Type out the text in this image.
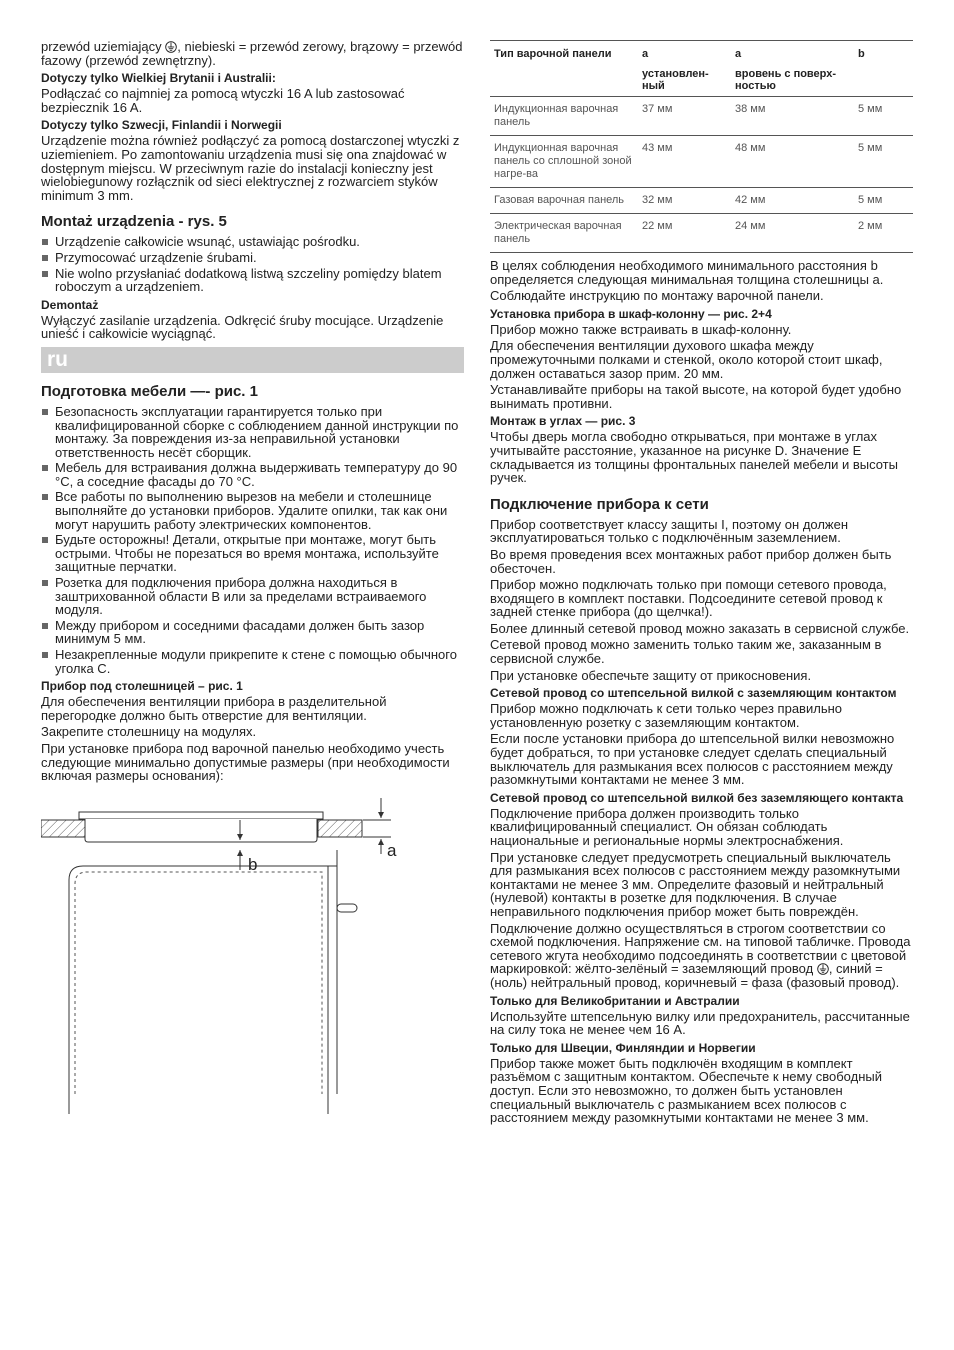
przewód uziemiający , niebieski = przewód zerowy, brązowy = przewód fazowy (przewód zewnętrzny).

Dotyczy tylko Wielkiej Brytanii i Australii:

Podłączać co najmniej za pomocą wtyczki 16 A lub zastosować bezpiecznik 16 A.

Dotyczy tylko Szwecji, Finlandii i Norwegii

Urządzenie można również podłączyć za pomocą dostarczonej wtyczki z uziemieniem. Po zamontowaniu urządzenia musi się ona znajdować w dostępnym miejscu. W przeciwnym razie do instalacji konieczny jest wielobiegunowy rozłącznik od sieci elektrycznej z rozwarciem styków minimum 3 mm.

Montaż urządzenia - rys. 5
Urządzenie całkowicie wsunąć, ustawiając pośrodku.
Przymocować urządzenie śrubami.
Nie wolno przysłaniać dodatkową listwą szczeliny pomiędzy blatem roboczym a urządzeniem.
Demontaż

Wyłączyć zasilanie urządzenia. Odkręcić śruby mocujące. Urządzenie unieść i całkowicie wyciągnąć.

ru
Подготовка мебели —- рис. 1
Безопасность эксплуатации гарантируется только при квалифицированной сборке с соблюдением данной инструкции по монтажу. За повреждения из-за неправильной установки ответственность несёт сборщик.
Мебель для встраивания должна выдерживать температуру до 90 °C, а соседние фасады до 70 °C.
Все работы по выполнению вырезов на мебели и столешнице выполняйте до установки приборов. Удалите опилки, так как они могут нарушить работу электрических компонентов.
Будьте осторожны! Детали, открытые при монтаже, могут быть острыми. Чтобы не порезаться во время монтажа, используйте защитные перчатки.
Розетка для подключения прибора должна находиться в заштрихованной области B или за пределами встраиваемого модуля.
Между прибором и соседними фасадами должен быть зазор минимум 5 мм.
Незакрепленные модули прикрепите к стене с помощью обычного уголка C.
Прибор под столешницей – рис. 1

Для обеспечения вентиляции прибора в разделительной перегородке должно быть отверстие для вентиляции.

Закрепите столешницу на модулях.

При установке прибора под варочной панелью необходимо учесть следующие минимально допустимые размеры (при необходимости включая размеры основания):

b
a
Тип варочной панели	a	a	b
	установлен-ный	вровень с поверх-ностью	
Индукционная варочная панель	37 мм	38 мм	5 мм
Индукционная варочная панель со сплошной зоной нагре-ва	43 мм	48 мм	5 мм
Газовая варочная панель	32 мм	42 мм	5 мм
Электрическая варочная панель	22 мм	24 мм	2 мм

В целях соблюдения необходимого минимального расстояния b определяется следующая минимальная толщина столешницы a.

Соблюдайте инструкцию по монтажу варочной панели.

Установка прибора в шкаф-колонну — рис. 2+4

Прибор можно также встраивать в шкаф-колонну.

Для обеспечения вентиляции духового шкафа между промежуточными полками и стенкой, около которой стоит шкаф, должен оставаться зазор прим. 20 мм.

Устанавливайте приборы на такой высоте, на которой будет удобно вынимать противни.

Монтаж в углах — рис. 3

Чтобы дверь могла свободно открываться, при монтаже в углах учитывайте расстояние, указанное на рисунке D. Значение E складывается из толщины фронтальных панелей мебели и высоты ручек.

Подключение прибора к сети

Прибор соответствует классу защиты I, поэтому он должен эксплуатироваться только с подключённым заземлением.

Во время проведения всех монтажных работ прибор должен быть обесточен.

Прибор можно подключать только при помощи сетевого провода, входящего в комплект поставки. Подсоедините сетевой провод к задней стенке прибора (до щелчка!).

Более длинный сетевой провод можно заказать в сервисной службе.

Сетевой провод можно заменить только таким же, заказанным в сервисной службе.

При установке обеспечьте защиту от прикосновения.

Сетевой провод со штепсельной вилкой с заземляющим контактом

Прибор можно подключать к сети только через правильно установленную розетку с заземляющим контактом.

Если после установки прибора до штепсельной вилки невозможно будет добраться, то при установке следует сделать специальный выключатель для размыкания всех полюсов с расстоянием между разомкнутыми контактами не менее 3 мм.

Сетевой провод со штепсельной вилкой без заземляющего контакта

Подключение прибора должен производить только квалифицированный специалист. Он обязан соблюдать национальные и региональные нормы электроснабжения.

При установке следует предусмотреть специальный выключатель для размыкания всех полюсов с расстоянием между разомкнутыми контактами не менее 3 мм. Определите фазовый и нейтральный (нулевой) контакты в розетке для подключения. В случае неправильного подключения прибор может быть повреждён.

Подключение должно осуществляться в строгом соответствии со схемой подключения. Напряжение см. на типовой табличке. Провода сетевого жгута необходимо подсоединять в соответствии с цветовой маркировкой: жёлто-зелёный = заземляющий провод , синий = (ноль) нейтральный провод, коричневый = фаза (фазовый провод).

Только для Великобритании и Австралии

Используйте штепсельную вилку или предохранитель, рассчитанные на силу тока не менее чем 16 А.

Только для Швеции, Финляндии и Норвегии

Прибор также может быть подключён входящим в комплект разъёмом с защитным контактом. Обеспечьте к нему свободный доступ. Если это невозможно, то должен быть установлен специальный выключатель с размыканием всех полюсов с расстоянием между разомкнутыми контактами не менее 3 мм.
